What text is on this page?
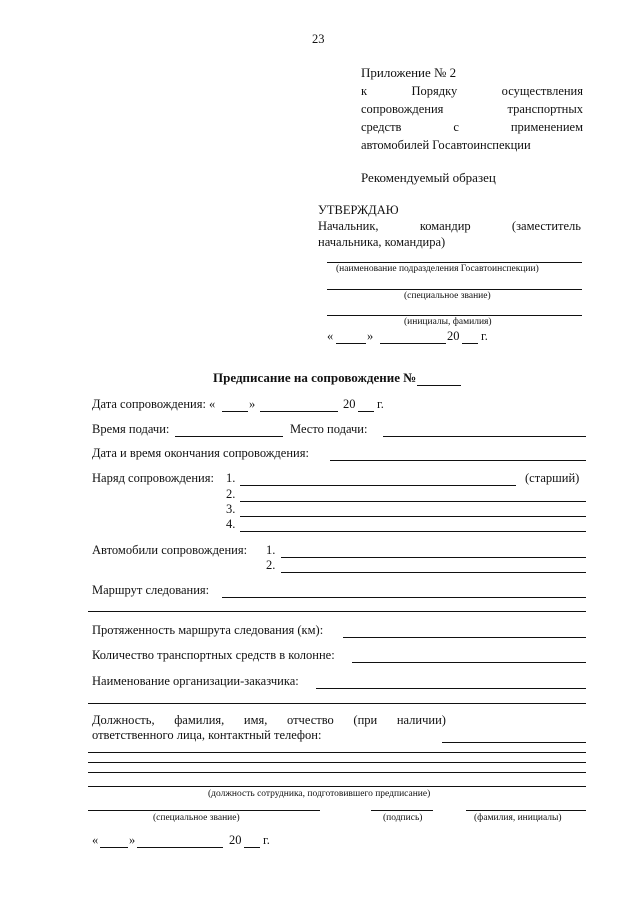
23
Приложение № 2
к	Порядку	осуществления
сопровождения	транспортных
средств	с	применением
автомобилей Госавтоинспекции
Рекомендуемый образец
УТВЕРЖДАЮ
Начальник,	командир	(заместитель
начальника, командира)
(наименование подразделения Госавтоинспекции)
(специальное звание)
(инициалы, фамилия)
«	»	20 г.
Предписание на сопровождение №
Дата сопровождения: «	»	20 г.
Время подачи:	Место подачи:
Дата и время окончания сопровождения:
Наряд сопровождения: 1.	(старший)
2.
3.
4.
Автомобили сопровождения: 1.
2.
Маршрут следования:
Протяженность маршрута следования (км):
Количество транспортных средств в колонне:
Наименование организации-заказчика:
Должность, фамилия, имя, отчество (при наличии)
ответственного лица, контактный телефон:
(должность сотрудника, подготовившего предписание)
(специальное звание)	(подпись)	(фамилия, инициалы)
« »	20 г.
